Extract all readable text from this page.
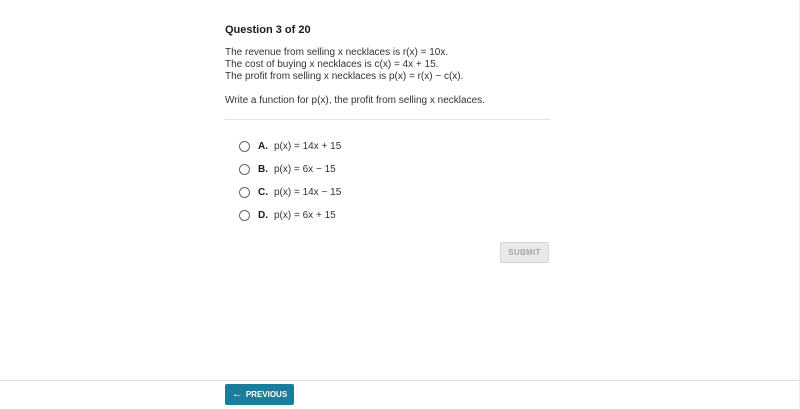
Question 3 of 20
The revenue from selling x necklaces is r(x) = 10x.
The cost of buying x necklaces is c(x) = 4x + 15.
The profit from selling x necklaces is p(x) = r(x) − c(x).
Write a function for p(x), the profit from selling x necklaces.
A. p(x) = 14x + 15
B. p(x) = 6x − 15
C. p(x) = 14x − 15
D. p(x) = 6x + 15
SUBMIT
← PREVIOUS
